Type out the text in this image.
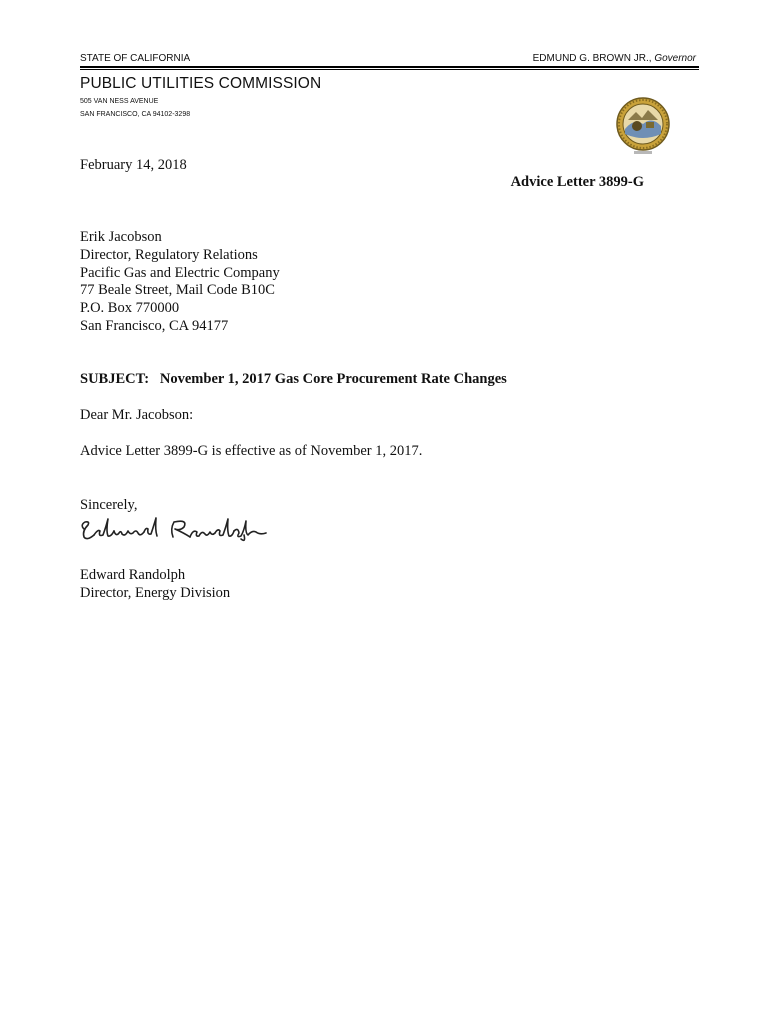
STATE OF CALIFORNIA	EDMUND G. BROWN JR., Governor
PUBLIC UTILITIES COMMISSION
505 VAN NESS AVENUE
SAN FRANCISCO, CA 94102-3298
February 14, 2018
Advice Letter 3899-G
Erik Jacobson
Director, Regulatory Relations
Pacific Gas and Electric Company
77 Beale Street, Mail Code B10C
P.O. Box 770000
San Francisco, CA 94177
SUBJECT:   November 1, 2017 Gas Core Procurement Rate Changes
Dear Mr. Jacobson:
Advice Letter 3899-G is effective as of November 1, 2017.
Sincerely,
Edward Randolph
Director, Energy Division
